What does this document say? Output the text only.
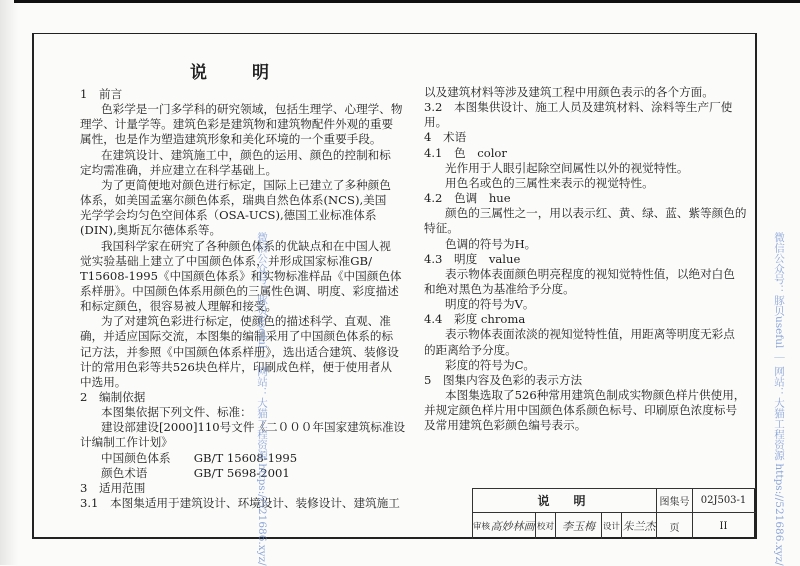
说　明
1　前言
色彩学是一门多学科的研究领域，包括生理学、心理学、物
理学、计量学等。建筑色彩是建筑物和建筑物配件外观的重要
属性，也是作为塑造建筑形象和美化环境的一个重要手段。
在建筑设计、建筑施工中，颜色的运用、颜色的控制和标
定均需准确，并应建立在科学基础上。
为了更简便地对颜色进行标定，国际上已建立了多种颜色
体系，如美国孟塞尔颜色体系，瑞典自然色体系(NCS),美国
光学学会均匀色空间体系（OSA-UCS),德国工业标准体系
(DIN),奥斯瓦尔德体系等。
我国科学家在研究了各种颜色体系的优缺点和在中国人视
觉实验基础上建立了中国颜色体系，并形成国家标准GB/
T15608-1995《中国颜色体系》和实物标准样品《中国颜色体
系样册》。中国颜色体系用颜色的三属性色调、明度、彩度描述
和标定颜色，很容易被人理解和接受。
为了对建筑色彩进行标定，使颜色的描述科学、直观、准
确，并适应国际交流，本图集的编制采用了中国颜色体系的标
记方法，并参照《中国颜色体系样册》，选出适合建筑、装修设
计的常用色彩等共526块色样片，印刷成色样，便于使用者从
中选用。
2　编制依据
本图集依据下列文件、标准：
建设部建设[2000]110号文件《二０００年国家建筑标准设
计编制工作计划》
中国颜色体系　　GB/T 15608-1995
颜色术语　　　　GB/T 5698-2001
3　适用范围
3.1　本图集适用于建筑设计、环境设计、装修设计、建筑施工
以及建筑材料等涉及建筑工程中用颜色表示的各个方面。
3.2　本图集供设计、施工人员及建筑材料、涂料等生产厂使
用。
4　术语
4.1　色　color
光作用于人眼引起除空间属性以外的视觉特性。
用色名或色的三属性来表示的视觉特性。
4.2　色调　hue
颜色的三属性之一，用以表示红、黄、绿、蓝、紫等颜色的
特征。
色调的符号为H。
4.3　明度　value
表示物体表面颜色明亮程度的视知觉特性值，以绝对白色
和绝对黑色为基准给予分度。
明度的符号为V。
4.4　彩度 chroma
表示物体表面浓淡的视知觉特性值，用距离等明度无彩点
的距离给予分度。
彩度的符号为C。
5　图集内容及色彩的表示方法
本图集选取了526种常用建筑色制成实物颜色样片供使用，
并规定颜色样片用中国颜色体系颜色标号、印刷原色浓度标号
及常用建筑色彩颜色编号表示。
微信公众号：豚贝useful ｜ 网站：大猫工程资源 https://521686.xyz/	微信公众号：豚贝useful ｜ 网站：大猫工程资源 https://521686.xyz/
说　明	图集号	02J503-1
审核 高妙林画 校对 李玉梅 设计 朱兰杰	页	II
